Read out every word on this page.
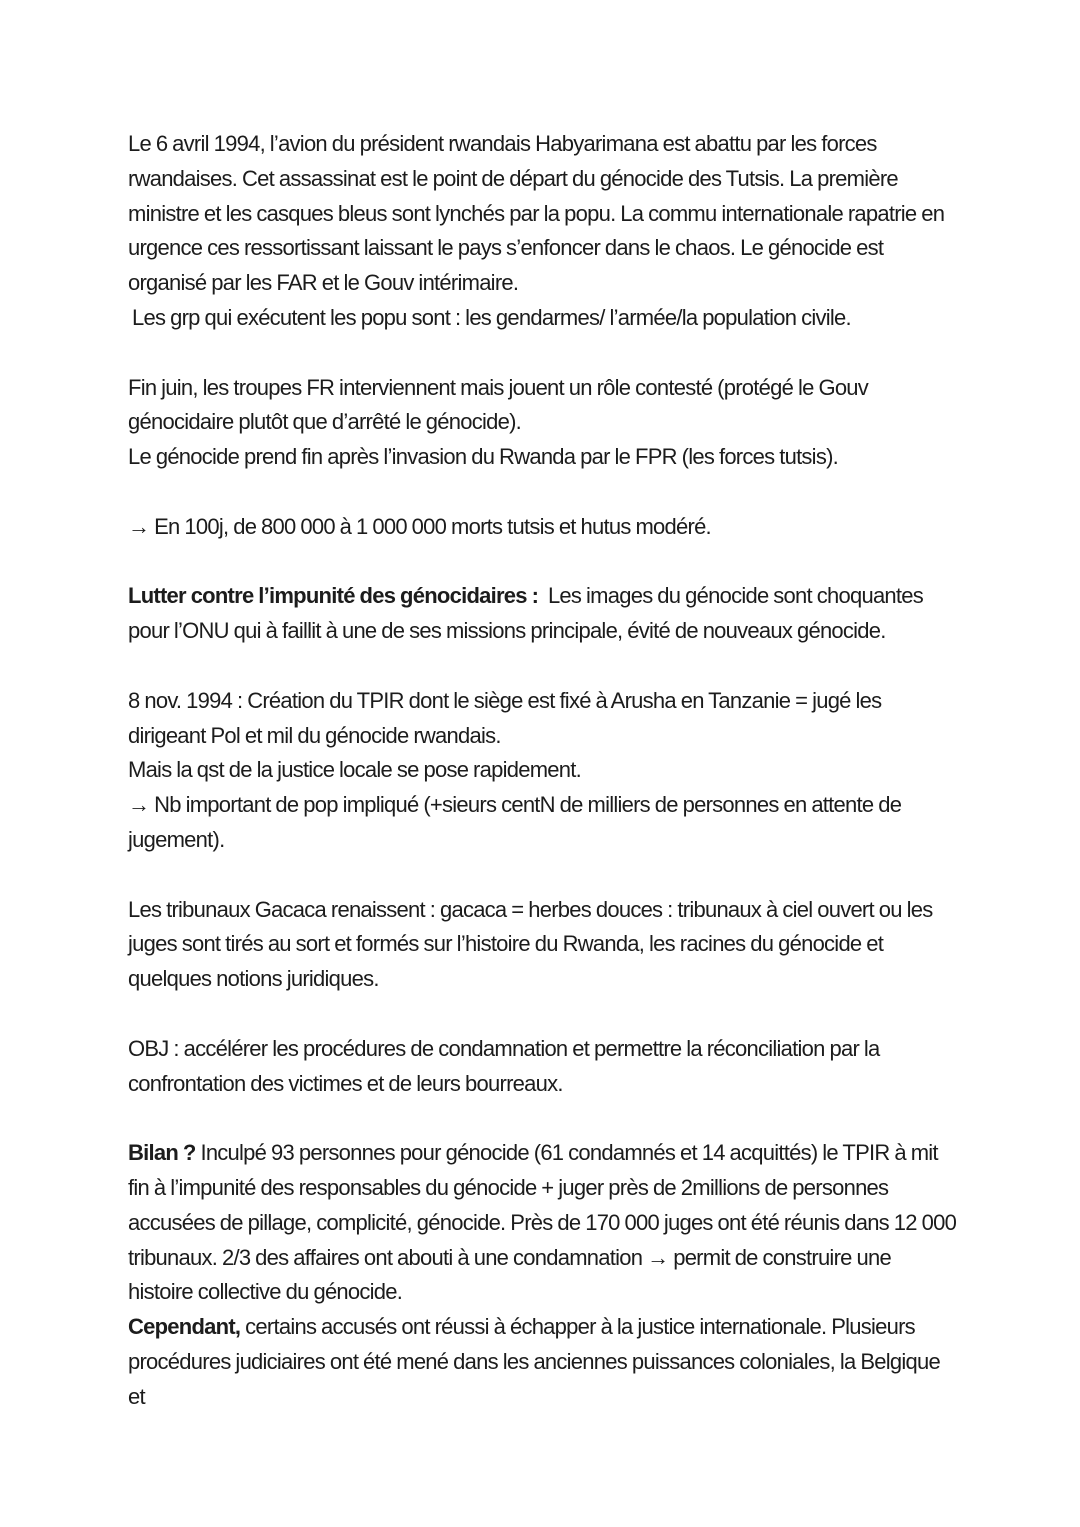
Le 6 avril 1994, l’avion du président rwandais Habyarimana est abattu par les forces rwandaises. Cet assassinat est le point de départ du génocide des Tutsis. La première ministre et les casques bleus sont lynchés par la popu. La commu internationale rapatrie en urgence ces ressortissant laissant le pays s’enfoncer dans le chaos. Le génocide est organisé par les FAR et le Gouv intérimaire.

Les grp qui exécutent les popu sont : les gendarmes/ l’armée/la population civile.

Fin juin, les troupes FR interviennent mais jouent un rôle contesté (protégé le Gouv génocidaire plutôt que d’arrêté le génocide).

Le génocide prend fin après l’invasion du Rwanda par le FPR (les forces tutsis).

→ En 100j, de 800 000 à 1 000 000 morts tutsis et hutus modéré.

Lutter contre l’impunité des génocidaires :  Les images du génocide sont choquantes pour l’ONU qui à faillit à une de ses missions principale, évité de nouveaux génocide.

8 nov. 1994 : Création du TPIR dont le siège est fixé à Arusha en Tanzanie = jugé les dirigeant Pol et mil du génocide rwandais.

Mais la qst de la justice locale se pose rapidement.

→ Nb important de pop impliqué (+sieurs centN de milliers de personnes en attente de jugement).

Les tribunaux Gacaca renaissent : gacaca = herbes douces : tribunaux à ciel ouvert ou les juges sont tirés au sort et formés sur l’histoire du Rwanda, les racines du génocide et quelques notions juridiques.

OBJ : accélérer les procédures de condamnation et permettre la réconciliation par la confrontation des victimes et de leurs bourreaux.

Bilan ? Inculpé 93 personnes pour génocide (61 condamnés et 14 acquittés) le TPIR à mit fin à l’impunité des responsables du génocide + juger près de 2millions de personnes accusées de pillage, complicité, génocide. Près de 170 000 juges ont été réunis dans 12 000 tribunaux. 2/3 des affaires ont abouti à une condamnation → permit de construire une histoire collective du génocide.

Cependant, certains accusés ont réussi à échapper à la justice internationale. Plusieurs procédures judiciaires ont été mené dans les anciennes puissances coloniales, la Belgique et
